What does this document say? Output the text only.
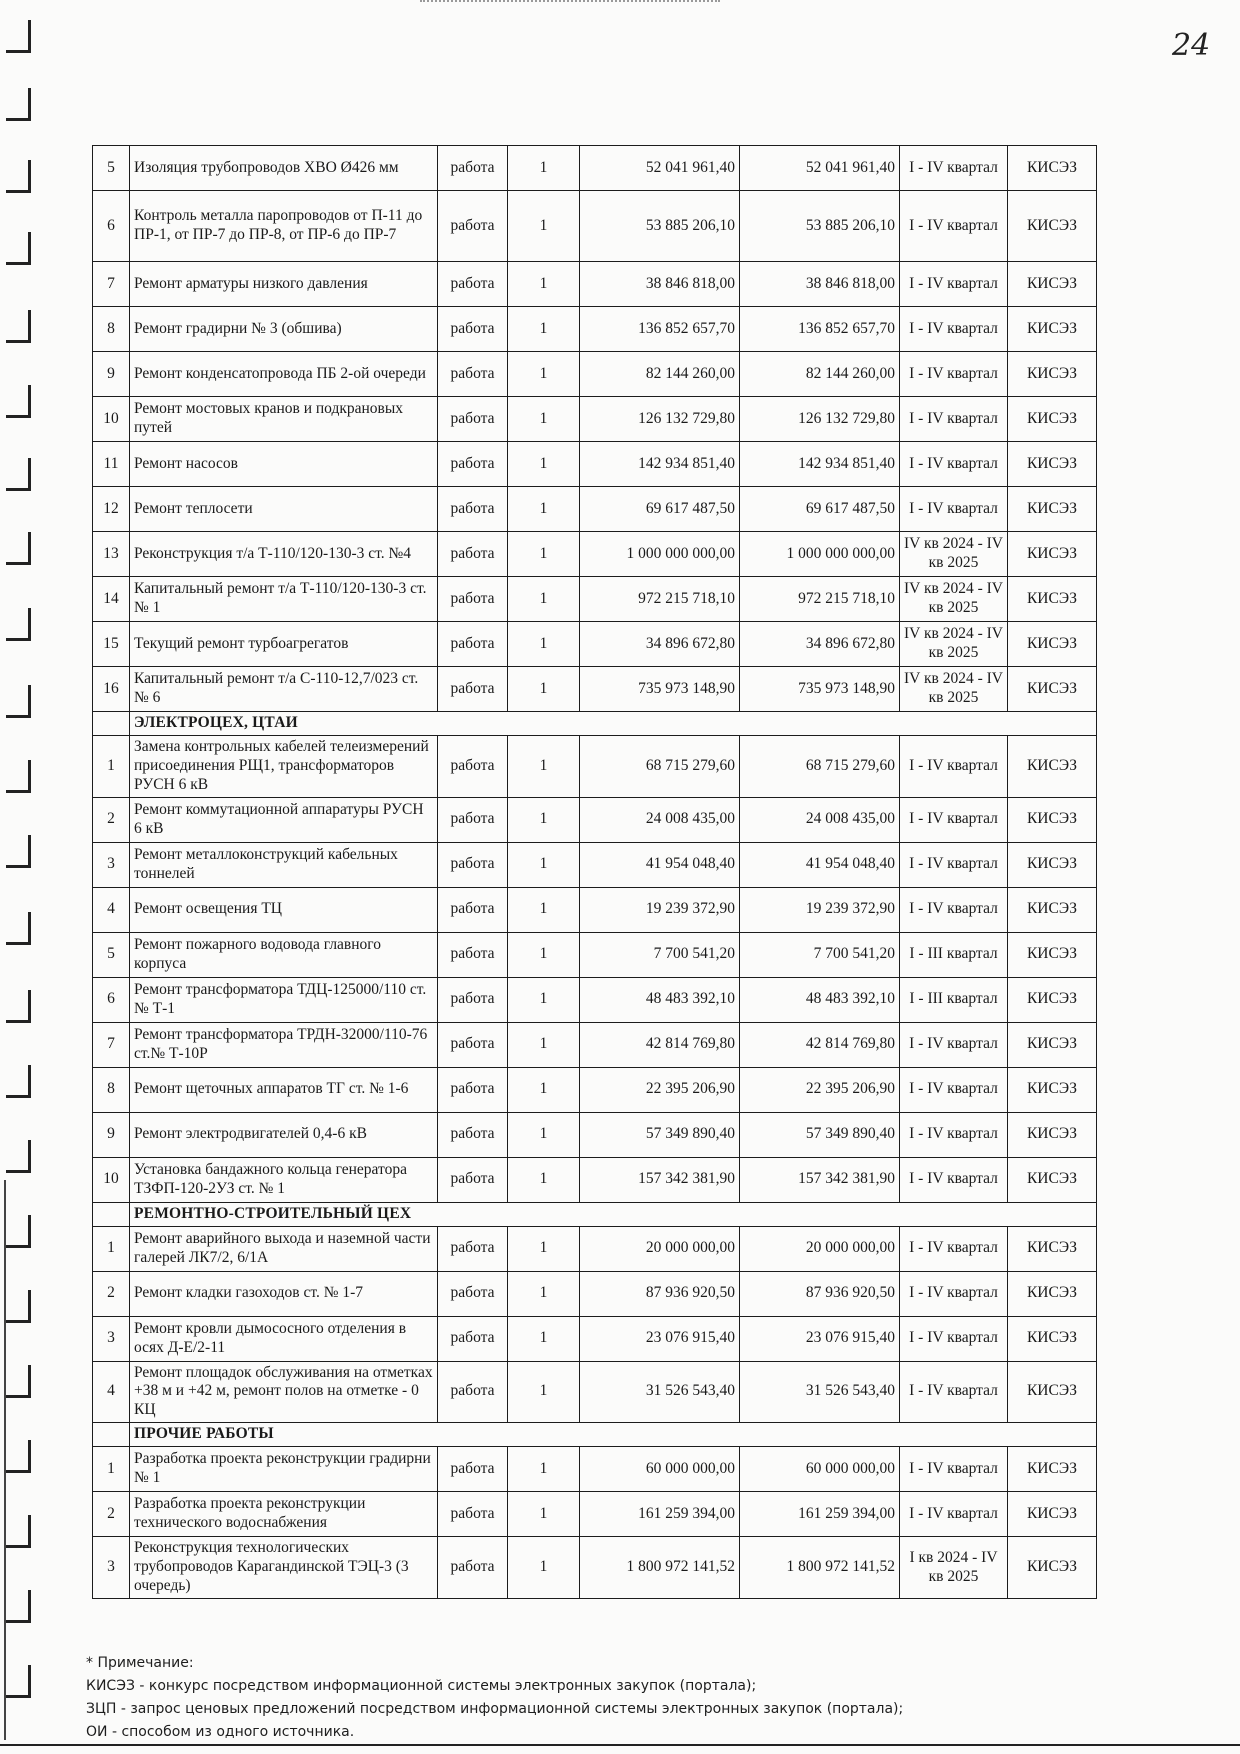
24
5	Изоляция трубопроводов ХВО Ø426 мм	работа	1	52 041 961,40	52 041 961,40	I - IV квартал	КИСЭЗ
6	Контроль металла паропроводов от П-11 до ПР-1, от ПР-7 до ПР-8, от ПР-6 до ПР-7	работа	1	53 885 206,10	53 885 206,10	I - IV квартал	КИСЭЗ
7	Ремонт арматуры низкого давления	работа	1	38 846 818,00	38 846 818,00	I - IV квартал	КИСЭЗ
8	Ремонт градирни № 3 (обшива)	работа	1	136 852 657,70	136 852 657,70	I - IV квартал	КИСЭЗ
9	Ремонт конденсатопровода ПБ 2-ой очереди	работа	1	82 144 260,00	82 144 260,00	I - IV квартал	КИСЭЗ
10	Ремонт мостовых кранов и подкрановых путей	работа	1	126 132 729,80	126 132 729,80	I - IV квартал	КИСЭЗ
11	Ремонт насосов	работа	1	142 934 851,40	142 934 851,40	I - IV квартал	КИСЭЗ
12	Ремонт теплосети	работа	1	69 617 487,50	69 617 487,50	I - IV квартал	КИСЭЗ
13	Реконструкция т/а Т-110/120-130-3 ст. №4	работа	1	1 000 000 000,00	1 000 000 000,00	IV кв 2024 - IV кв 2025	КИСЭЗ
14	Капитальный ремонт т/а Т-110/120-130-3 ст.№ 1	работа	1	972 215 718,10	972 215 718,10	IV кв 2024 - IV кв 2025	КИСЭЗ
15	Текущий ремонт турбоагрегатов	работа	1	34 896 672,80	34 896 672,80	IV кв 2024 - IV кв 2025	КИСЭЗ
16	Капитальный ремонт т/а С-110-12,7/023 ст. № 6	работа	1	735 973 148,90	735 973 148,90	IV кв 2024 - IV кв 2025	КИСЭЗ
	ЭЛЕКТРОЦЕХ, ЦТАИ						
1	Замена контрольных кабелей телеизмерений присоединения РЩ1, трансформаторов РУСН 6 кВ	работа	1	68 715 279,60	68 715 279,60	I - IV квартал	КИСЭЗ
2	Ремонт коммутационной аппаратуры РУСН 6 кВ	работа	1	24 008 435,00	24 008 435,00	I - IV квартал	КИСЭЗ
3	Ремонт металлоконструкций кабельных тоннелей	работа	1	41 954 048,40	41 954 048,40	I - IV квартал	КИСЭЗ
4	Ремонт освещения ТЦ	работа	1	19 239 372,90	19 239 372,90	I - IV квартал	КИСЭЗ
5	Ремонт пожарного водовода главного корпуса	работа	1	7 700 541,20	7 700 541,20	I - III квартал	КИСЭЗ
6	Ремонт трансформатора ТДЦ-125000/110 ст.№ Т-1	работа	1	48 483 392,10	48 483 392,10	I - III квартал	КИСЭЗ
7	Ремонт трансформатора ТРДН-32000/110-76 ст.№ Т-10Р	работа	1	42 814 769,80	42 814 769,80	I - IV квартал	КИСЭЗ
8	Ремонт щеточных аппаратов ТГ ст. № 1-6	работа	1	22 395 206,90	22 395 206,90	I - IV квартал	КИСЭЗ
9	Ремонт электродвигателей 0,4-6 кВ	работа	1	57 349 890,40	57 349 890,40	I - IV квартал	КИСЭЗ
10	Установка бандажного кольца генератора ТЗФП-120-2УЗ ст. № 1	работа	1	157 342 381,90	157 342 381,90	I - IV квартал	КИСЭЗ
	РЕМОНТНО-СТРОИТЕЛЬНЫЙ ЦЕХ						
1	Ремонт аварийного выхода и наземной части галерей ЛК7/2, 6/1А	работа	1	20 000 000,00	20 000 000,00	I - IV квартал	КИСЭЗ
2	Ремонт кладки газоходов ст. № 1-7	работа	1	87 936 920,50	87 936 920,50	I - IV квартал	КИСЭЗ
3	Ремонт кровли дымососного отделения в осях Д-Е/2-11	работа	1	23 076 915,40	23 076 915,40	I - IV квартал	КИСЭЗ
4	Ремонт площадок обслуживания на отметках +38 м и +42 м, ремонт полов на отметке - 0 КЦ	работа	1	31 526 543,40	31 526 543,40	I - IV квартал	КИСЭЗ
	ПРОЧИЕ РАБОТЫ						
1	Разработка проекта реконструкции градирни № 1	работа	1	60 000 000,00	60 000 000,00	I - IV квартал	КИСЭЗ
2	Разработка проекта реконструкции технического водоснабжения	работа	1	161 259 394,00	161 259 394,00	I - IV квартал	КИСЭЗ
3	Реконструкция технологических трубопроводов Карагандинской ТЭЦ-3 (3 очередь)	работа	1	1 800 972 141,52	1 800 972 141,52	I кв 2024 - IV кв 2025	КИСЭЗ
* Примечание:
КИСЭЗ - конкурс посредством информационной системы электронных закупок (портала);
ЗЦП - запрос ценовых предложений посредством информационной системы электронных закупок (портала);
ОИ - способом из одного источника.
